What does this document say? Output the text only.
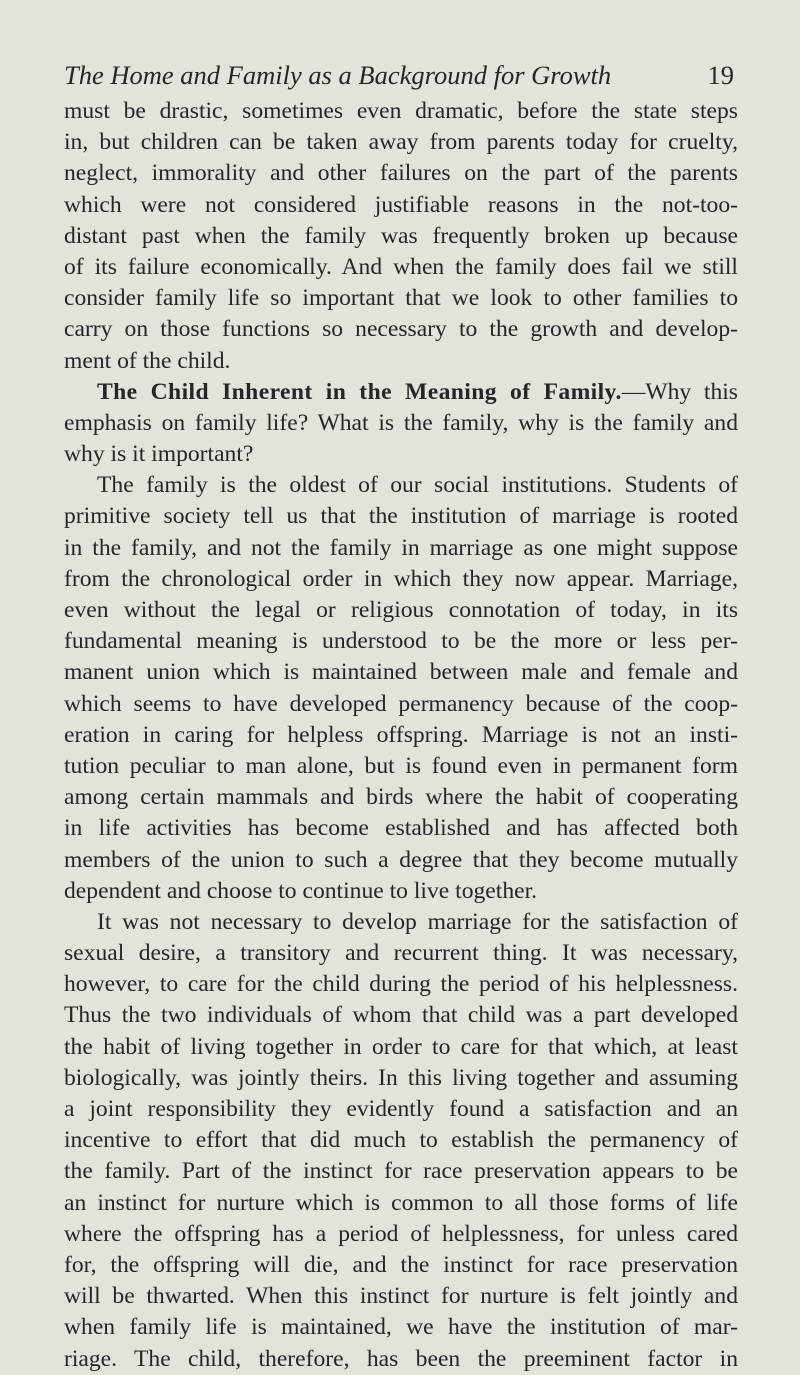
The Home and Family as a Background for Growth	19
must be drastic, sometimes even dramatic, before the state steps
in, but children can be taken away from parents today for cruelty,
neglect, immorality and other failures on the part of the parents
which were not considered justifiable reasons in the not-too-
distant past when the family was frequently broken up because
of its failure economically. And when the family does fail we still
consider family life so important that we look to other families to
carry on those functions so necessary to the growth and develop-
ment of the child.
The Child Inherent in the Meaning of Family.—Why this
emphasis on family life? What is the family, why is the family and
why is it important?
The family is the oldest of our social institutions. Students of
primitive society tell us that the institution of marriage is rooted
in the family, and not the family in marriage as one might suppose
from the chronological order in which they now appear. Marriage,
even without the legal or religious connotation of today, in its
fundamental meaning is understood to be the more or less per-
manent union which is maintained between male and female and
which seems to have developed permanency because of the coop-
eration in caring for helpless offspring. Marriage is not an insti-
tution peculiar to man alone, but is found even in permanent form
among certain mammals and birds where the habit of cooperating
in life activities has become established and has affected both
members of the union to such a degree that they become mutually
dependent and choose to continue to live together.
It was not necessary to develop marriage for the satisfaction of
sexual desire, a transitory and recurrent thing. It was necessary,
however, to care for the child during the period of his helplessness.
Thus the two individuals of whom that child was a part developed
the habit of living together in order to care for that which, at least
biologically, was jointly theirs. In this living together and assuming
a joint responsibility they evidently found a satisfaction and an
incentive to effort that did much to establish the permanency of
the family. Part of the instinct for race preservation appears to be
an instinct for nurture which is common to all those forms of life
where the offspring has a period of helplessness, for unless cared
for, the offspring will die, and the instinct for race preservation
will be thwarted. When this instinct for nurture is felt jointly and
when family life is maintained, we have the institution of mar-
riage. The child, therefore, has been the preeminent factor in
